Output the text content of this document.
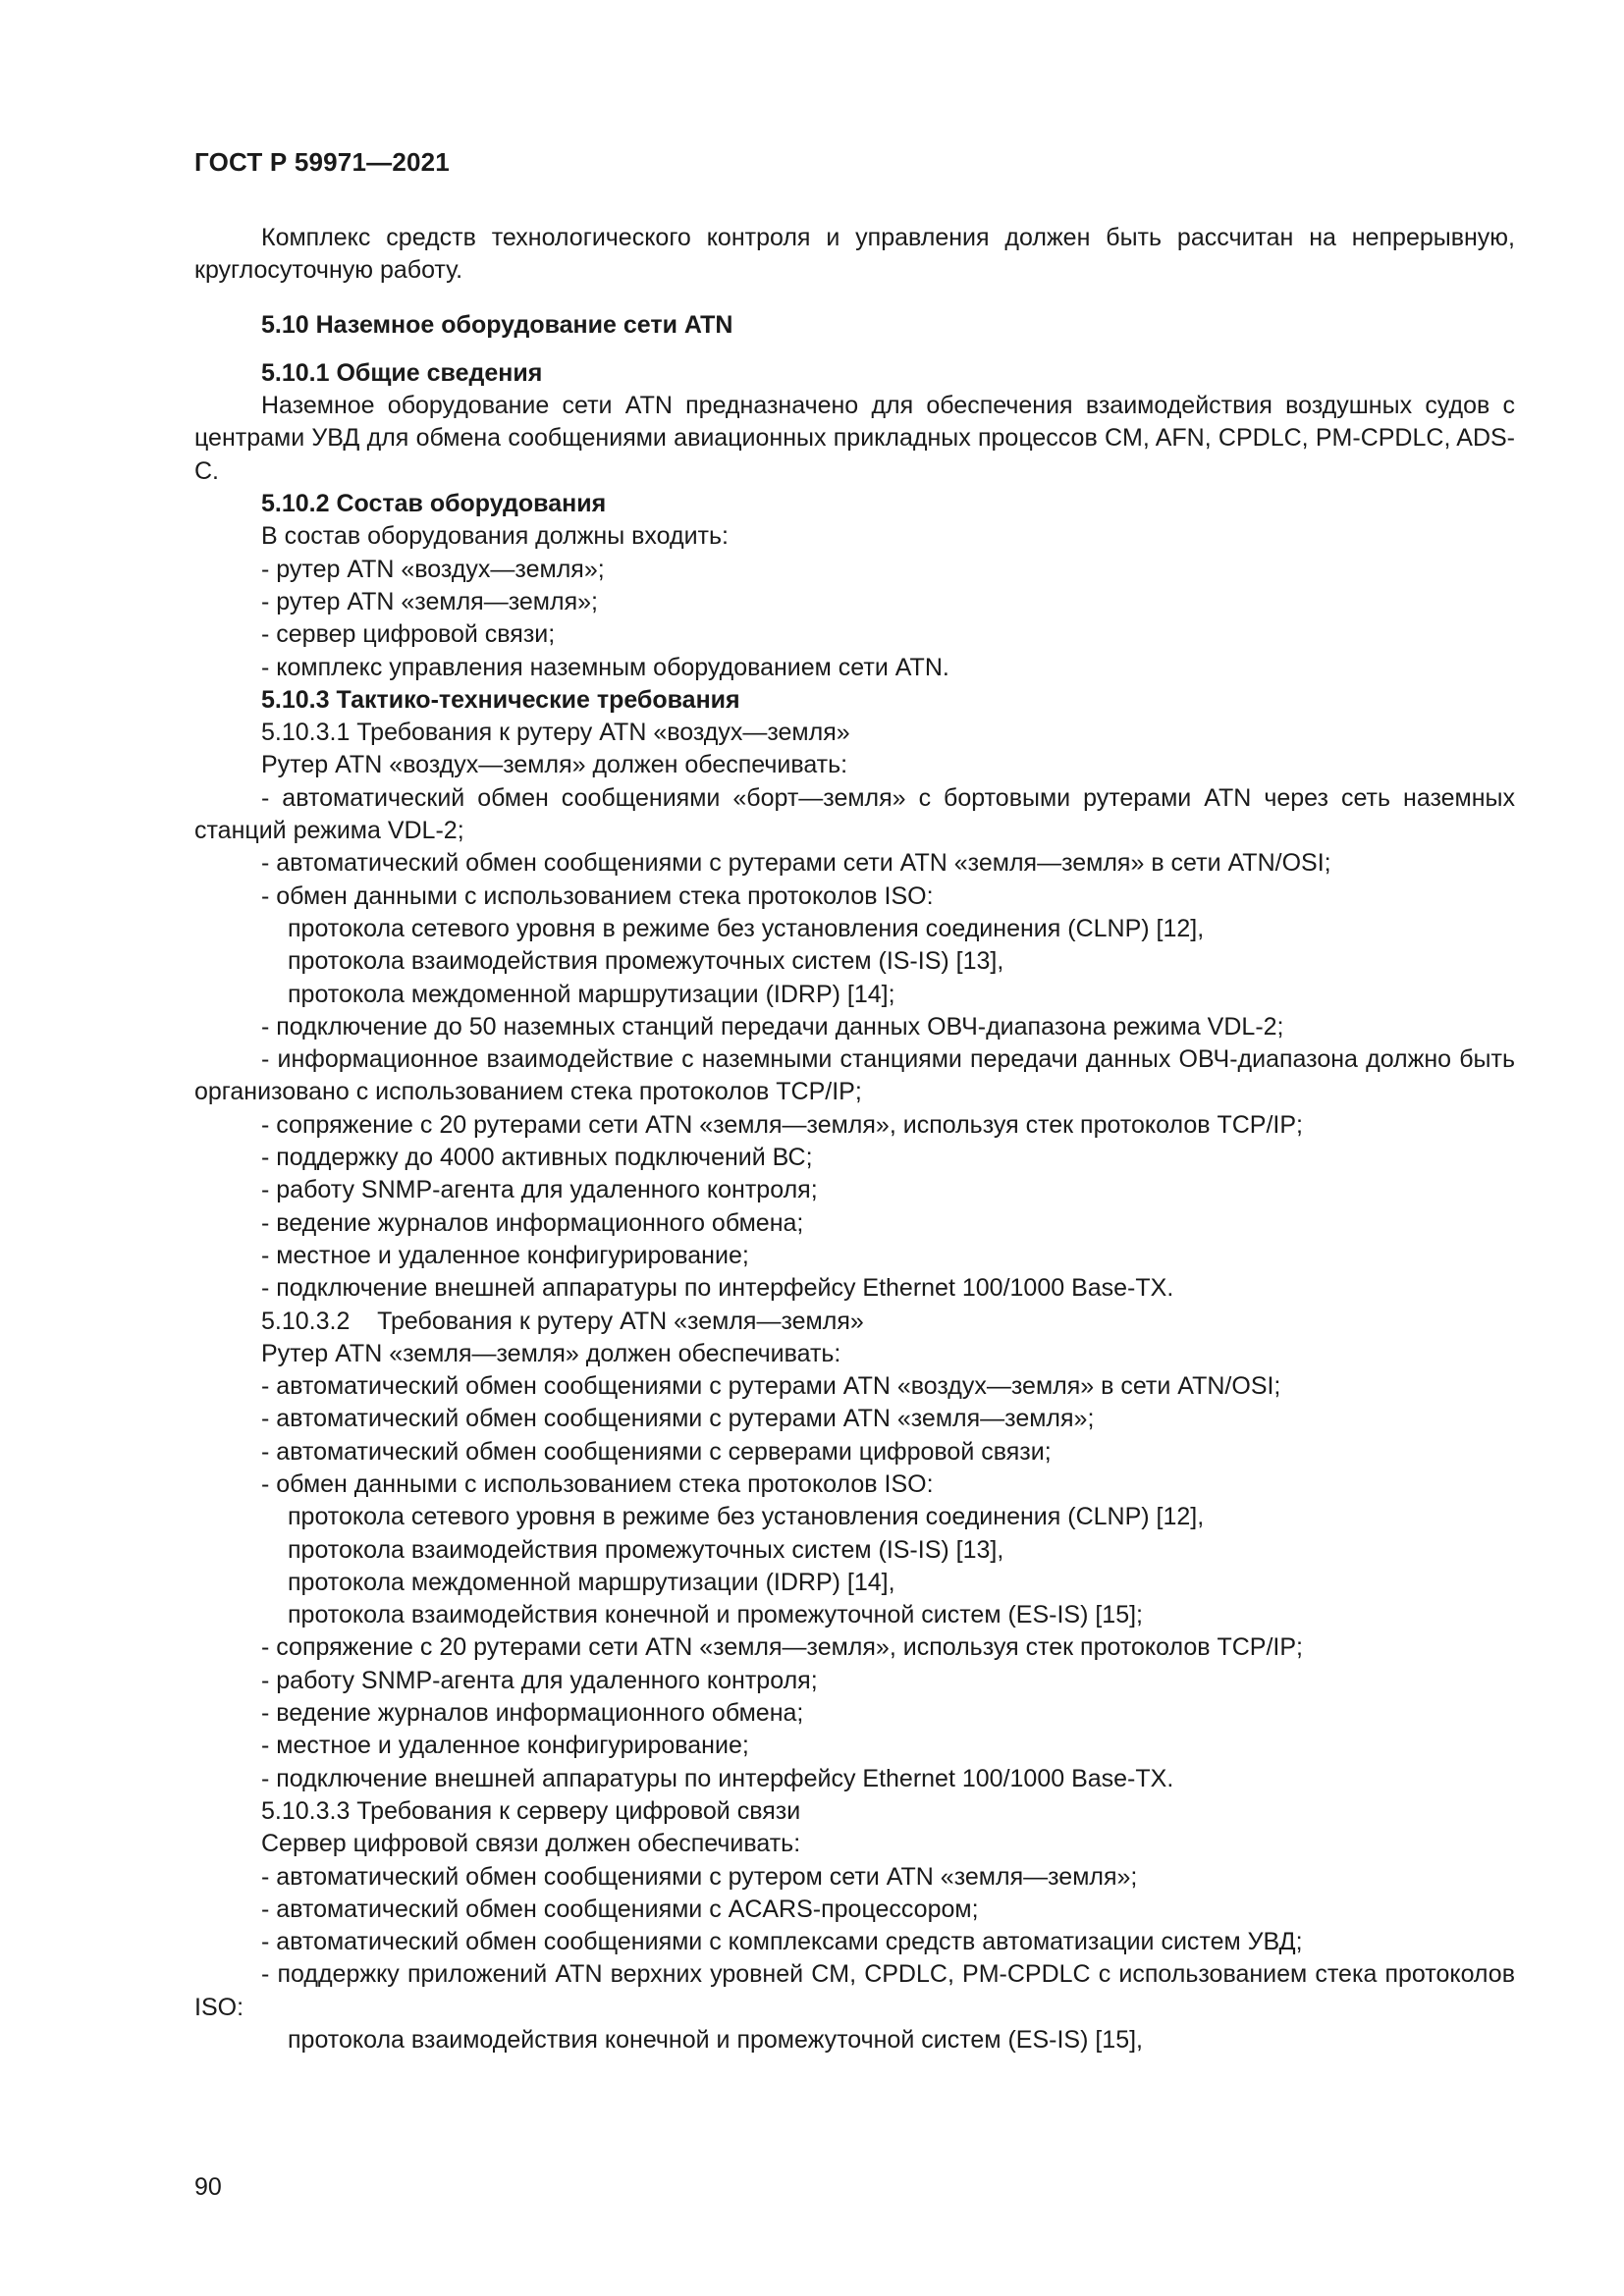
ГОСТ Р 59971—2021

Комплекс средств технологического контроля и управления должен быть рассчитан на непрерывную, круглосуточную работу.

5.10 Наземное оборудование сети ATN

5.10.1 Общие сведения

Наземное оборудование сети ATN предназначено для обеспечения взаимодействия воздушных судов с центрами УВД для обмена сообщениями авиационных прикладных процессов CM, AFN, CPDLC, PM-CPDLC, ADS-C.

5.10.2 Состав оборудования

В состав оборудования должны входить:

- рутер ATN «воздух—земля»;

- рутер ATN «земля—земля»;

- сервер цифровой связи;

- комплекс управления наземным оборудованием сети ATN.

5.10.3 Тактико-технические требования

5.10.3.1 Требования к рутеру ATN «воздух—земля»

Рутер ATN «воздух—земля» должен обеспечивать:

- автоматический обмен сообщениями «борт—земля» с бортовыми рутерами ATN через сеть наземных станций режима VDL-2;

- автоматический обмен сообщениями с рутерами сети ATN «земля—земля» в сети ATN/OSI;

- обмен данными с использованием стека протоколов ISO:

протокола сетевого уровня в режиме без установления соединения (CLNP) [12],

протокола взаимодействия промежуточных систем (IS-IS) [13],

протокола междоменной маршрутизации (IDRP) [14];

- подключение до 50 наземных станций передачи данных ОВЧ-диапазона режима VDL-2;

- информационное взаимодействие с наземными станциями передачи данных ОВЧ-диапазона должно быть организовано с использованием стека протоколов TCP/IP;

- сопряжение с 20 рутерами сети ATN «земля—земля», используя стек протоколов TCP/IP;

- поддержку до 4000 активных подключений ВС;

- работу SNMP-агента для удаленного контроля;

- ведение журналов информационного обмена;

- местное и удаленное конфигурирование;

- подключение внешней аппаратуры по интерфейсу Ethernet 100/1000 Base-TX.

5.10.3.2    Требования к рутеру ATN «земля—земля»

Рутер ATN «земля—земля» должен обеспечивать:

- автоматический обмен сообщениями с рутерами ATN «воздух—земля» в сети ATN/OSI;

- автоматический обмен сообщениями с рутерами ATN «земля—земля»;

- автоматический обмен сообщениями с серверами цифровой связи;

- обмен данными с использованием стека протоколов ISO:

протокола сетевого уровня в режиме без установления соединения (CLNP) [12],

протокола взаимодействия промежуточных систем (IS-IS) [13],

протокола междоменной маршрутизации (IDRP) [14],

протокола взаимодействия конечной и промежуточной систем (ES-IS) [15];

- сопряжение с 20 рутерами сети ATN «земля—земля», используя стек протоколов TCP/IP;

- работу SNMP-агента для удаленного контроля;

- ведение журналов информационного обмена;

- местное и удаленное конфигурирование;

- подключение внешней аппаратуры по интерфейсу Ethernet 100/1000 Base-TX.

5.10.3.3 Требования к серверу цифровой связи

Сервер цифровой связи должен обеспечивать:

- автоматический обмен сообщениями с рутером сети ATN «земля—земля»;

- автоматический обмен сообщениями с ACARS-процессором;

- автоматический обмен сообщениями с комплексами средств автоматизации систем УВД;

- поддержку приложений ATN верхних уровней CM, CPDLC, PM-CPDLC с использованием стека протоколов ISO:

протокола взаимодействия конечной и промежуточной систем (ES-IS) [15],

90
